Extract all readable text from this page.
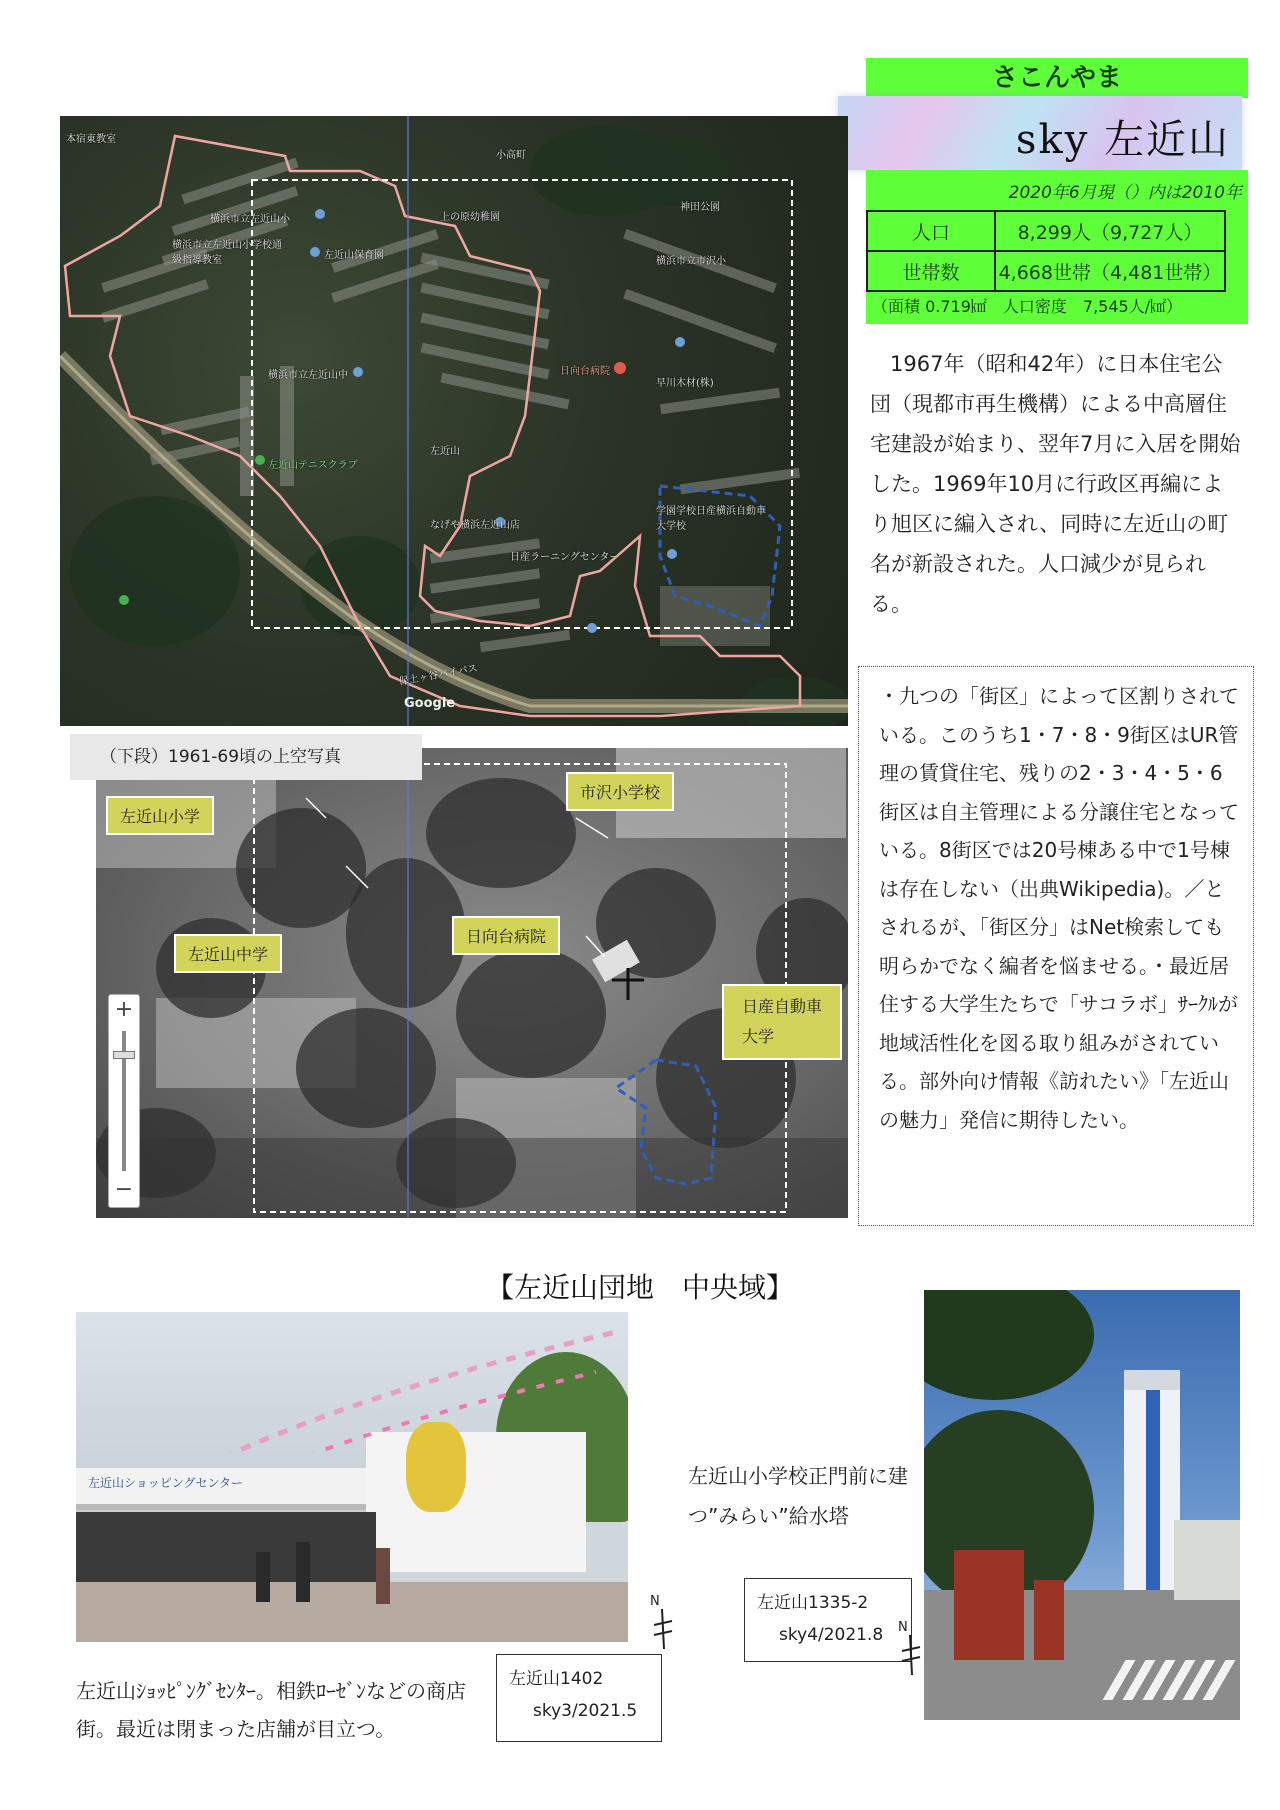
さこんやま
sky 左近山
2020年6月現（）内は2010年
人口	8,299人（9,727人）
世帯数	4,668世帯（4,481世帯）
（面積 0.719㎢　人口密度　7,545人/㎢）
1967年（昭和42年）に日本住宅公団（現都市再生機構）による中高層住宅建設が始まり、翌年7月に入居を開始した。1969年10月に行政区再編により旭区に編入され、同時に左近山の町名が新設された。人口減少が見られる。
本宿東教室
横浜市立左近山小
横浜市立左近山小学校通級指導教室	左近山保育園
横浜市立左近山中	日向台病院
左近山テニスクラブ
なげや横浜左近山店
日産ラーニングセンター
学園学校日産横浜自動車大学校
横浜市立市沢小
神田公園
保土ヶ谷バイパス
小高町
早川木材(株)
上の原幼稚園
左近山
Google
左近山小学
市沢小学校
左近山中学
日向台病院
日産自動車
大学
（下段）1961-69頃の上空写真
+
−
・九つの「街区」によって区割りされている。このうち1・7・8・9街区はUR管理の賃貸住宅、残りの2・3・4・5・6街区は自主管理による分譲住宅となっている。8街区では20号棟ある中で1号棟は存在しない（出典Wikipedia)。／とされるが、「街区分」はNet検索しても明らかでなく編者を悩ませる。・最近居住する大学生たちで「サコラボ」ｻｰｸﾙが地域活性化を図る取り組みがされている。部外向け情報《訪れたい》「左近山の魅力」発信に期待したい。
【左近山団地　中央域】
左近山ショッピングセンター
左近山ｼｮｯﾋﾟﾝｸﾞｾﾝﾀｰ。相鉄ﾛｰｾﾞﾝなどの商店街。最近は閉まった店舗が目立つ。
左近山1402
sky3/2021.5
N
左近山小学校正門前に建つ”みらい”給水塔
左近山1335-2
sky4/2021.8	N
